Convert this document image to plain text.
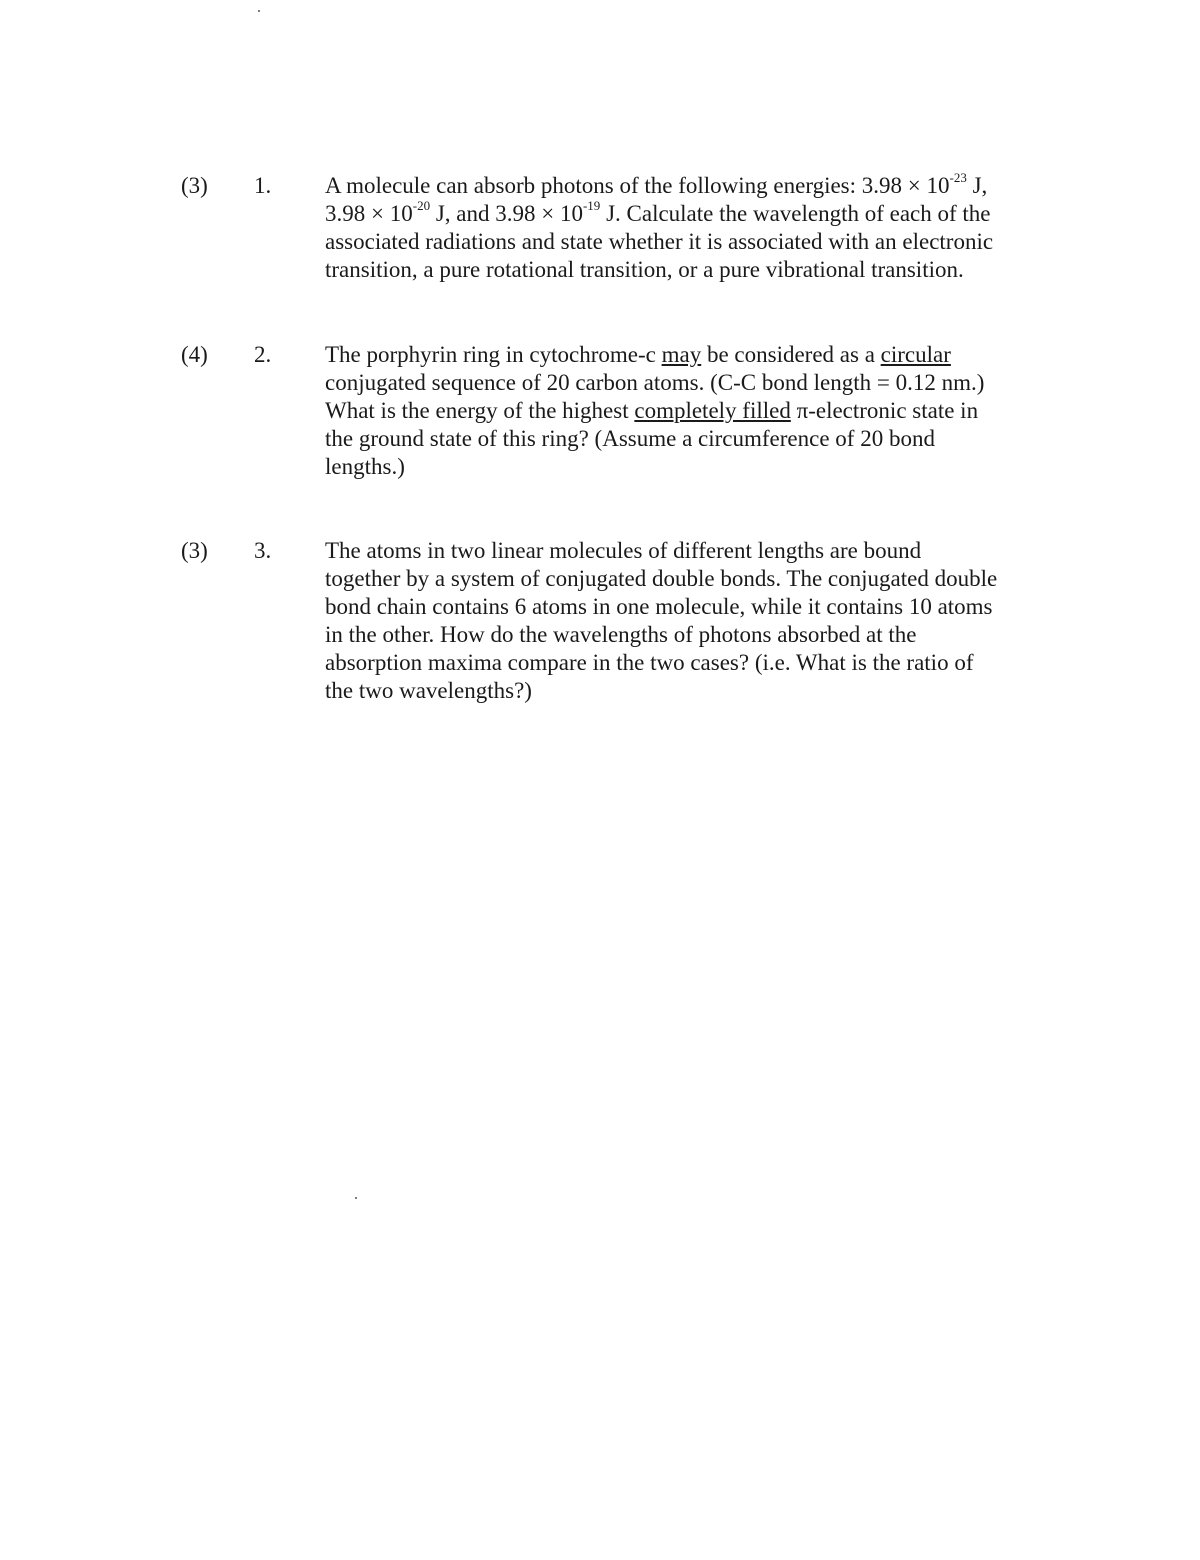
(3) 1. A molecule can absorb photons of the following energies: $3.98 \times 10^{-23}$ J,
$3.98 \times 10^{-20}$ J, and $3.98 \times 10^{-19}$ J. Calculate the wavelength of each of the
associated radiations and state whether it is associated with an electronic
transition, a pure rotational transition, or a pure vibrational transition.
(4) 2. The porphyrin ring in cytochrome-c may be considered as a circular
conjugated sequence of 20 carbon atoms. (C-C bond length = 0.12 nm.)
What is the energy of the highest completely filled π-electronic state in
the ground state of this ring? (Assume a circumference of 20 bond
lengths.)
(3) 3. The atoms in two linear molecules of different lengths are bound
together by a system of conjugated double bonds. The conjugated double
bond chain contains 6 atoms in one molecule, while it contains 10 atoms
in the other. How do the wavelengths of photons absorbed at the
absorption maxima compare in the two cases? (i.e. What is the ratio of
the two wavelengths?)
